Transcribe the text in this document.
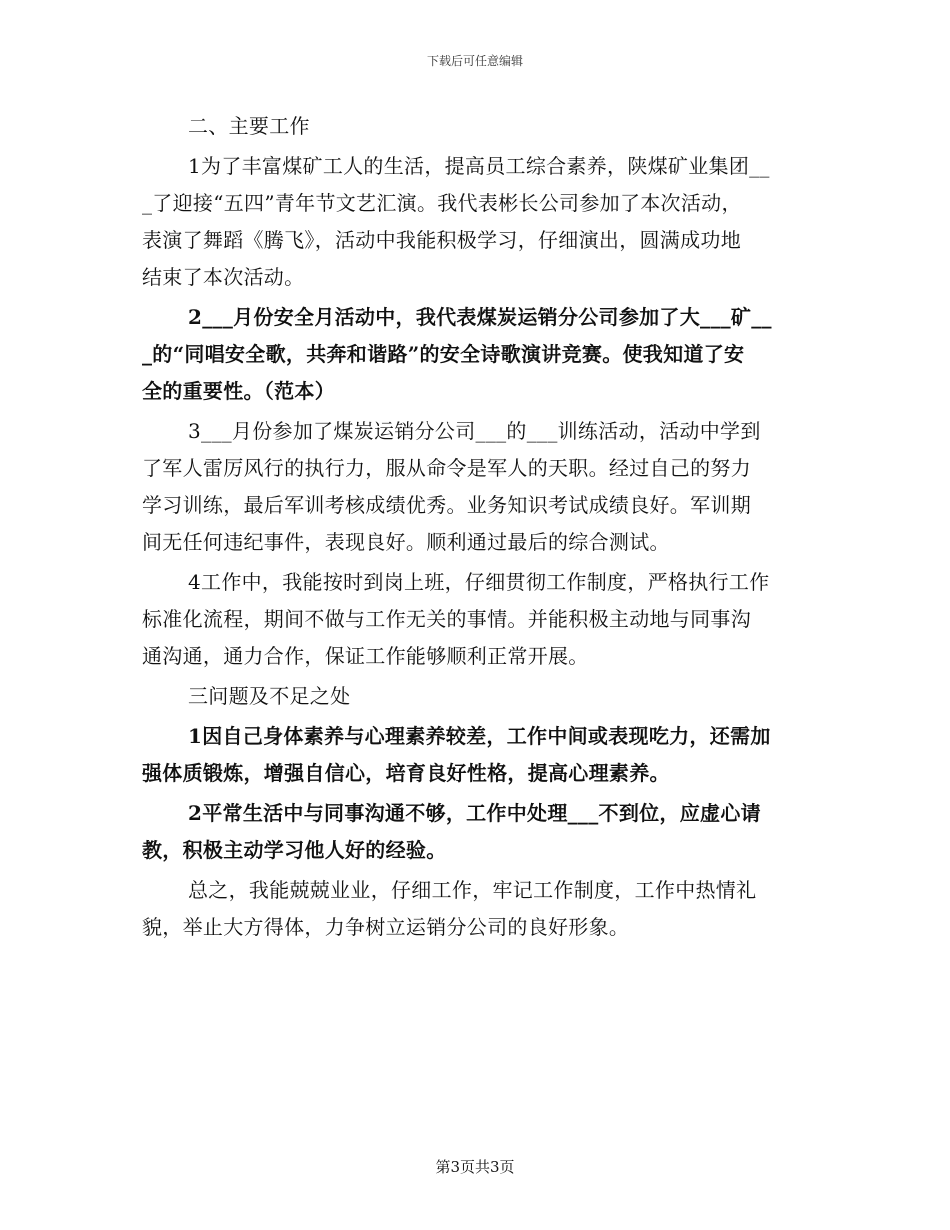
下载后可任意编辑
二、主要工作
1为了丰富煤矿工人的生活，提高员工综合素养，陕煤矿业集团__
_了迎接“五四”青年节文艺汇演。我代表彬长公司参加了本次活动，
表演了舞蹈《腾飞》，活动中我能积极学习，仔细演出，圆满成功地
结束了本次活动。
2___月份安全月活动中，我代表煤炭运销分公司参加了大___矿__
_的“同唱安全歌，共奔和谐路”的安全诗歌演讲竞赛。使我知道了安
全的重要性。（范本）
3___月份参加了煤炭运销分公司___的___训练活动，活动中学到
了军人雷厉风行的执行力，服从命令是军人的天职。经过自己的努力
学习训练，最后军训考核成绩优秀。业务知识考试成绩良好。军训期
间无任何违纪事件，表现良好。顺利通过最后的综合测试。
4工作中，我能按时到岗上班，仔细贯彻工作制度，严格执行工作
标准化流程，期间不做与工作无关的事情。并能积极主动地与同事沟
通沟通，通力合作，保证工作能够顺利正常开展。
三问题及不足之处
1因自己身体素养与心理素养较差，工作中间或表现吃力，还需加
强体质锻炼，增强自信心，培育良好性格，提高心理素养。
2平常生活中与同事沟通不够，工作中处理___不到位，应虚心请
教，积极主动学习他人好的经验。
总之，我能兢兢业业，仔细工作，牢记工作制度，工作中热情礼
貌，举止大方得体，力争树立运销分公司的良好形象。
第3页共3页
